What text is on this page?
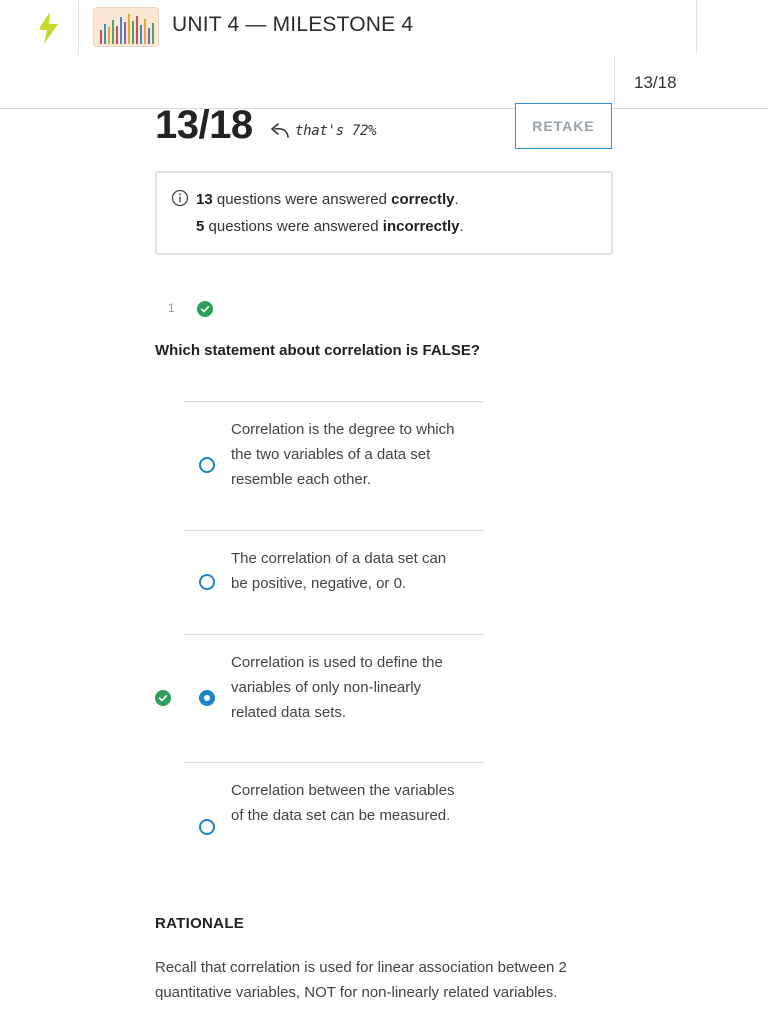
UNIT 4 — MILESTONE 4
13/18
13/18	that's 72%	RETAKE
13 questions were answered correctly.
5 questions were answered incorrectly.
1
Which statement about correlation is FALSE?
Correlation is the degree to which the two variables of a data set resemble each other.
The correlation of a data set can be positive, negative, or 0.
Correlation is used to define the variables of only non-linearly related data sets.
Correlation between the variables of the data set can be measured.
RATIONALE
Recall that correlation is used for linear association between 2 quantitative variables, NOT for non-linearly related variables.
